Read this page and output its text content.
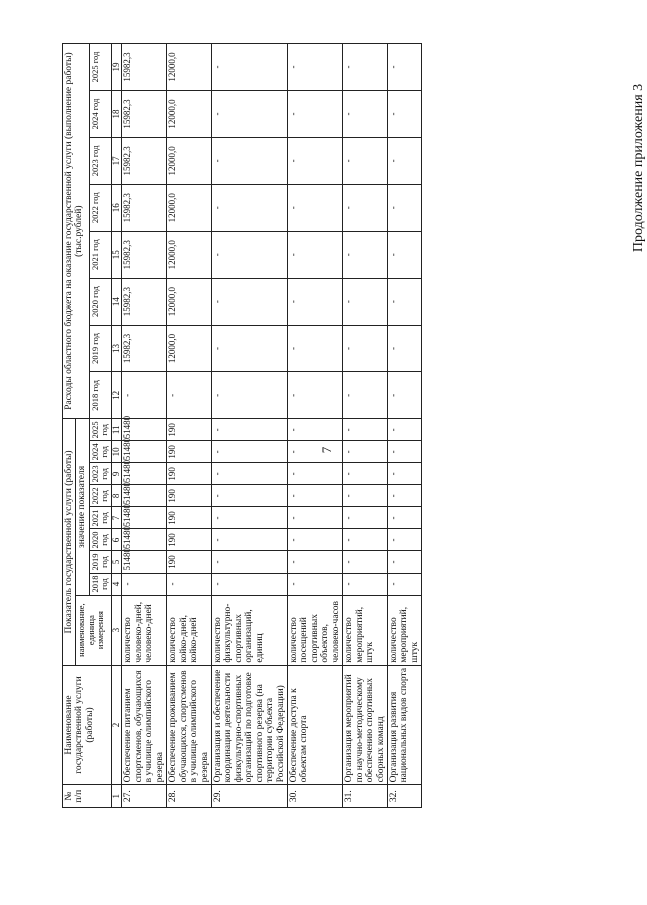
7
Продолжение приложения 3
№ п/п	Наименование государственной услуги (работы)	Показатель государственной услуги (работы)									Расходы областного бюджета на оказание государственной услуги (выполнение работы) (тыс.рублей)							
		наименование, единица измерения	значение показателя															
			2018 год	2019 год	2020 год	2021 год	2022 год	2023 год	2024 год	2025 год	2018 год	2019 год	2020 год	2021 год	2022 год	2023 год	2024 год	2025 год
1	2	3	4	5	6	7	8	9	10	11	12	13	14	15	16	17	18	19
27.	Обеспечение питанием спортсменов, обучающихся в училище олимпийского резерва	количество человеко-дней, человеко-дней	-	51480	51480	51480	51480	51480	51480	51480	-	15982,3	15982,3	15982,3	15982,3	15982,3	15982,3	15982,3
28.	Обеспечение проживанием обучающихся, спортсменов в училище олимпийского резерва	количество койко-дней, койко-дней	-	190	190	190	190	190	190	190	-	12000,0	12000,0	12000,0	12000,0	12000,0	12000,0	12000,0
29.	Организация и обеспечение координации деятельности физкультурно-спортивных организаций по подготовке спортивного резерва (на территории субъекта Российской Федерации)	количество физкультурно-спортивных организаций, единиц	-	-	-	-	-	-	-	-	-	-	-	-	-	-	-	-
30.	Обеспечение доступа к объектам спорта	количество посещений спортивных объектов, человеко-часов	-	-	-	-	-	-	-	-	-	-	-	-	-	-	-	-
31.	Организация мероприятий по научно-методическому обеспечению спортивных сборных команд	количество мероприятий, штук	-	-	-	-	-	-	-	-	-	-	-	-	-	-	-	-
32.	Организация развития национальных видов спорта	количество мероприятий, штук	-	-	-	-	-	-	-	-	-	-	-	-	-	-	-	-
